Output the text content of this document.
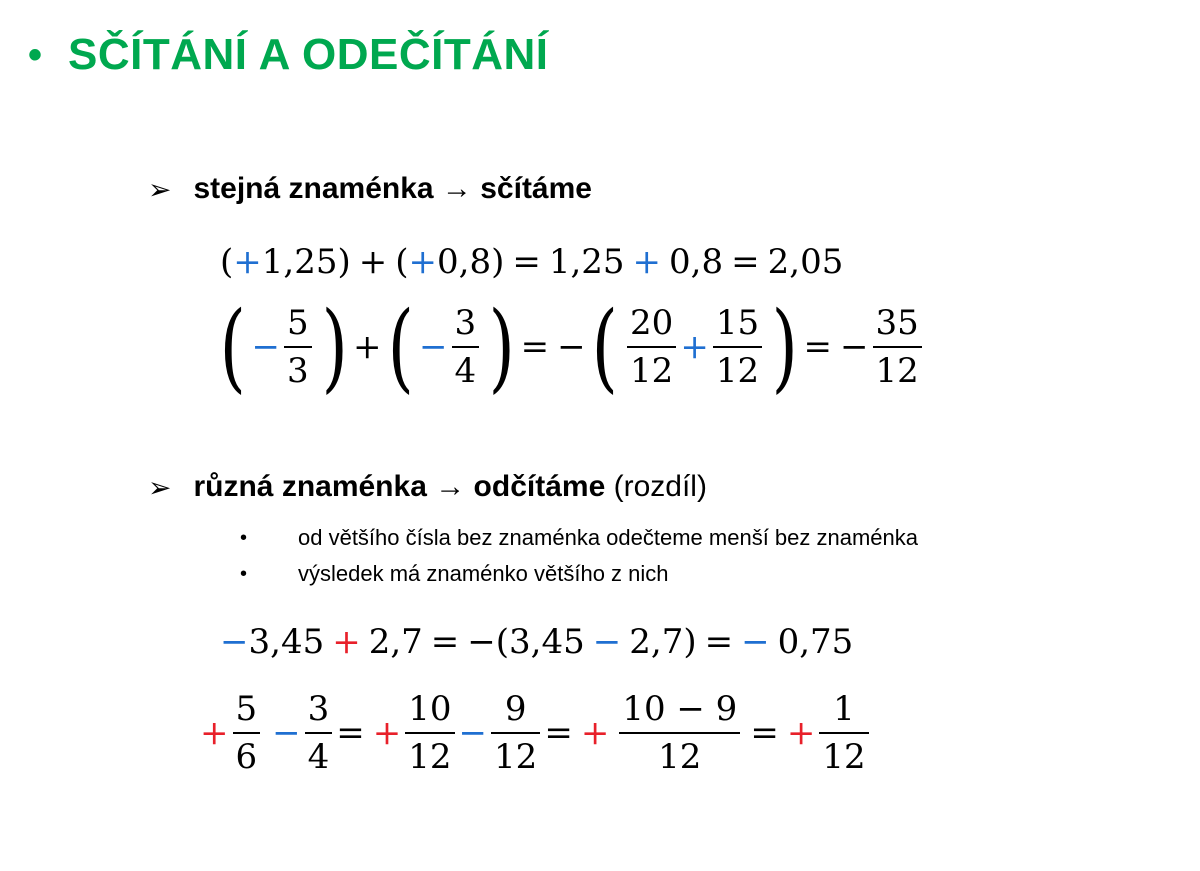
• SČÍTÁNÍ A ODEČÍTÁNÍ
➢ stejná znaménka → sčítáme
( + 1,25 ) + ( + 0,8 ) = 1,25 + 0,8 = 2,05
( − $\frac{5}{3}$ ) + ( − $\frac{3}{4}$ ) = − ( $\frac{20}{12} + \frac{15}{12}$ ) = − $\frac{35}{12}$
➢ různá znaménka → odčítáme (rozdíl)
•	od většího čísla bez znaménka odečteme menší bez znaménka
•	výsledek má znaménko většího z nich
− 3,45 + 2,7 = − ( 3,45 − 2,7 ) = − 0,75
+ $\frac{5}{6} - \frac{3}{4}$ = + $\frac{10}{12} - \frac{9}{12}$ = + $\frac{10 - 9}{12}$ = + $\frac{1}{12}$
